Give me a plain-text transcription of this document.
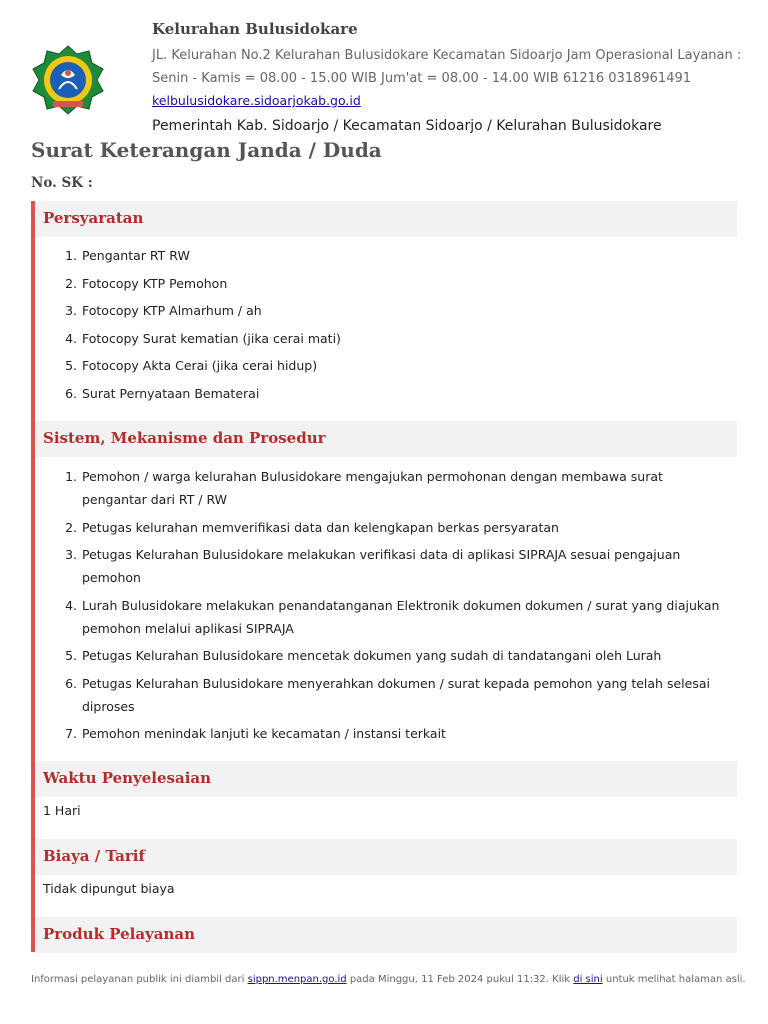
Kelurahan Bulusidokare
JL. Kelurahan No.2 Kelurahan Bulusidokare Kecamatan Sidoarjo Jam Operasional Layanan :
Senin - Kamis = 08.00 - 15.00 WIB Jum'at = 08.00 - 14.00 WIB 61216 0318961491
kelbulusidokare.sidoarjokab.go.id
Pemerintah Kab. Sidoarjo / Kecamatan Sidoarjo / Kelurahan Bulusidokare
Surat Keterangan Janda / Duda
No. SK :
Persyaratan
1. Pengantar RT RW
2. Fotocopy KTP Pemohon
3. Fotocopy KTP Almarhum / ah
4. Fotocopy Surat kematian (jika cerai mati)
5. Fotocopy Akta Cerai (jika cerai hidup)
6. Surat Pernyataan Bematerai
Sistem, Mekanisme dan Prosedur
1. Pemohon / warga kelurahan Bulusidokare mengajukan permohonan dengan membawa surat pengantar dari RT / RW
2. Petugas kelurahan memverifikasi data dan kelengkapan berkas persyaratan
3. Petugas Kelurahan Bulusidokare melakukan verifikasi data di aplikasi SIPRAJA sesuai pengajuan pemohon
4. Lurah Bulusidokare melakukan penandatanganan Elektronik dokumen dokumen / surat yang diajukan pemohon melalui aplikasi SIPRAJA
5. Petugas Kelurahan Bulusidokare mencetak dokumen yang sudah di tandatangani oleh Lurah
6. Petugas Kelurahan Bulusidokare menyerahkan dokumen / surat kepada pemohon yang telah selesai diproses
7. Pemohon menindak lanjuti ke kecamatan / instansi terkait
Waktu Penyelesaian
1 Hari
Biaya / Tarif
Tidak dipungut biaya
Produk Pelayanan
Informasi pelayanan publik ini diambil dari sippn.menpan.go.id pada Minggu, 11 Feb 2024 pukul 11:32. Klik di sini untuk melihat halaman asli.
